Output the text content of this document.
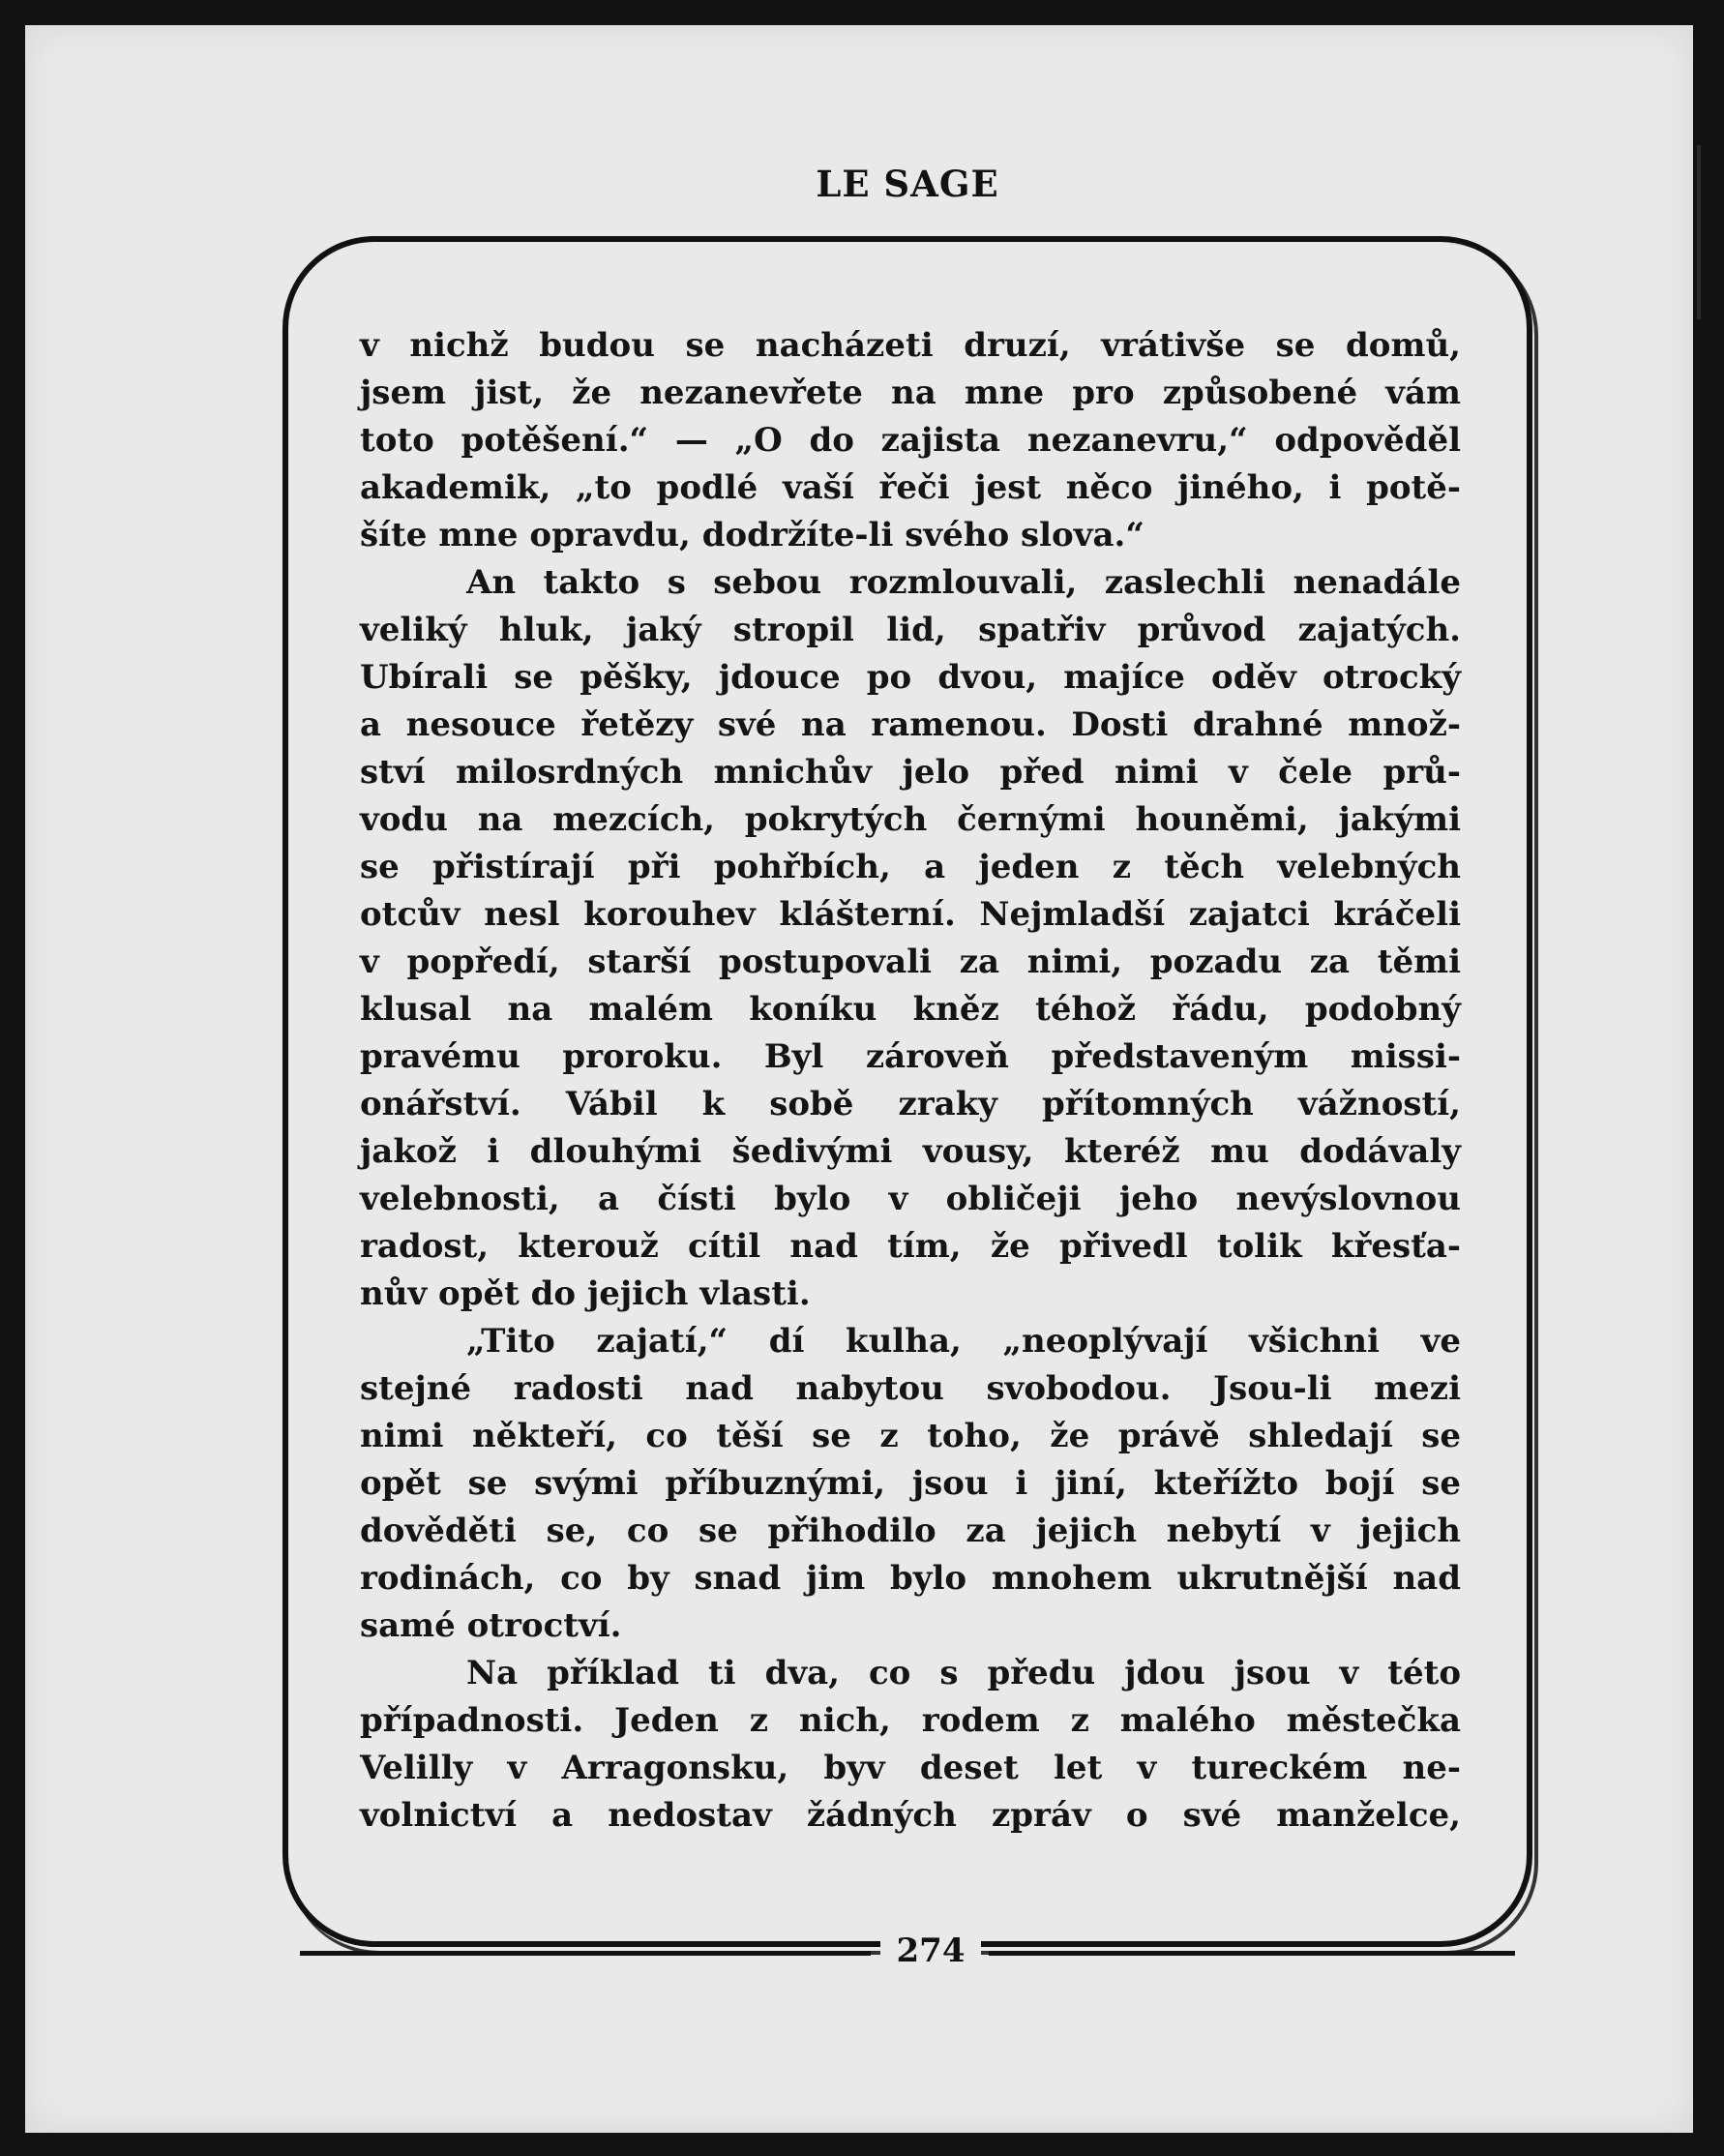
LE SAGE

v nichž budou se nacházeti druzí, vrátivše se domů,
jsem jist, že nezanevřete na mne pro způsobené vám
toto potěšení.“ — „O do zajista nezanevru,“ odpověděl
akademik, „to podlé vaší řeči jest něco jiného, i potě-
šíte mne opravdu, dodržíte-li svého slova.“

An takto s sebou rozmlouvali, zaslechli nenadále
veliký hluk, jaký stropil lid, spatřiv průvod zajatých.
Ubírali se pěšky, jdouce po dvou, majíce oděv otrocký
a nesouce řetězy své na ramenou. Dosti drahné množ-
ství milosrdných mnichův jelo před nimi v čele prů-
vodu na mezcích, pokrytých černými houněmi, jakými
se přistírají při pohřbích, a jeden z těch velebných
otcův nesl korouhev klášterní. Nejmladší zajatci kráčeli
v popředí, starší postupovali za nimi, pozadu za těmi
klusal na malém koníku kněz téhož řádu, podobný
pravému proroku. Byl zároveň představeným missi-
onářství. Vábil k sobě zraky přítomných vážností,
jakož i dlouhými šedivými vousy, kteréž mu dodávaly
velebnosti, a čísti bylo v obličeji jeho nevýslovnou
radost, kterouž cítil nad tím, že přivedl tolik křesťa-
nův opět do jejich vlasti.

„Tito zajatí,“ dí kulha, „neoplývají všichni ve
stejné radosti nad nabytou svobodou. Jsou-li mezi
nimi někteří, co těší se z toho, že právě shledají se
opět se svými příbuznými, jsou i jiní, kteřížto bojí se
dověděti se, co se přihodilo za jejich nebytí v jejich
rodinách, co by snad jim bylo mnohem ukrutnější nad
samé otroctví.

Na příklad ti dva, co s předu jdou jsou v této
případnosti. Jeden z nich, rodem z malého městečka
Velilly v Arragonsku, byv deset let v tureckém ne-
volnictví a nedostav žádných zpráv o své manželce,

274
